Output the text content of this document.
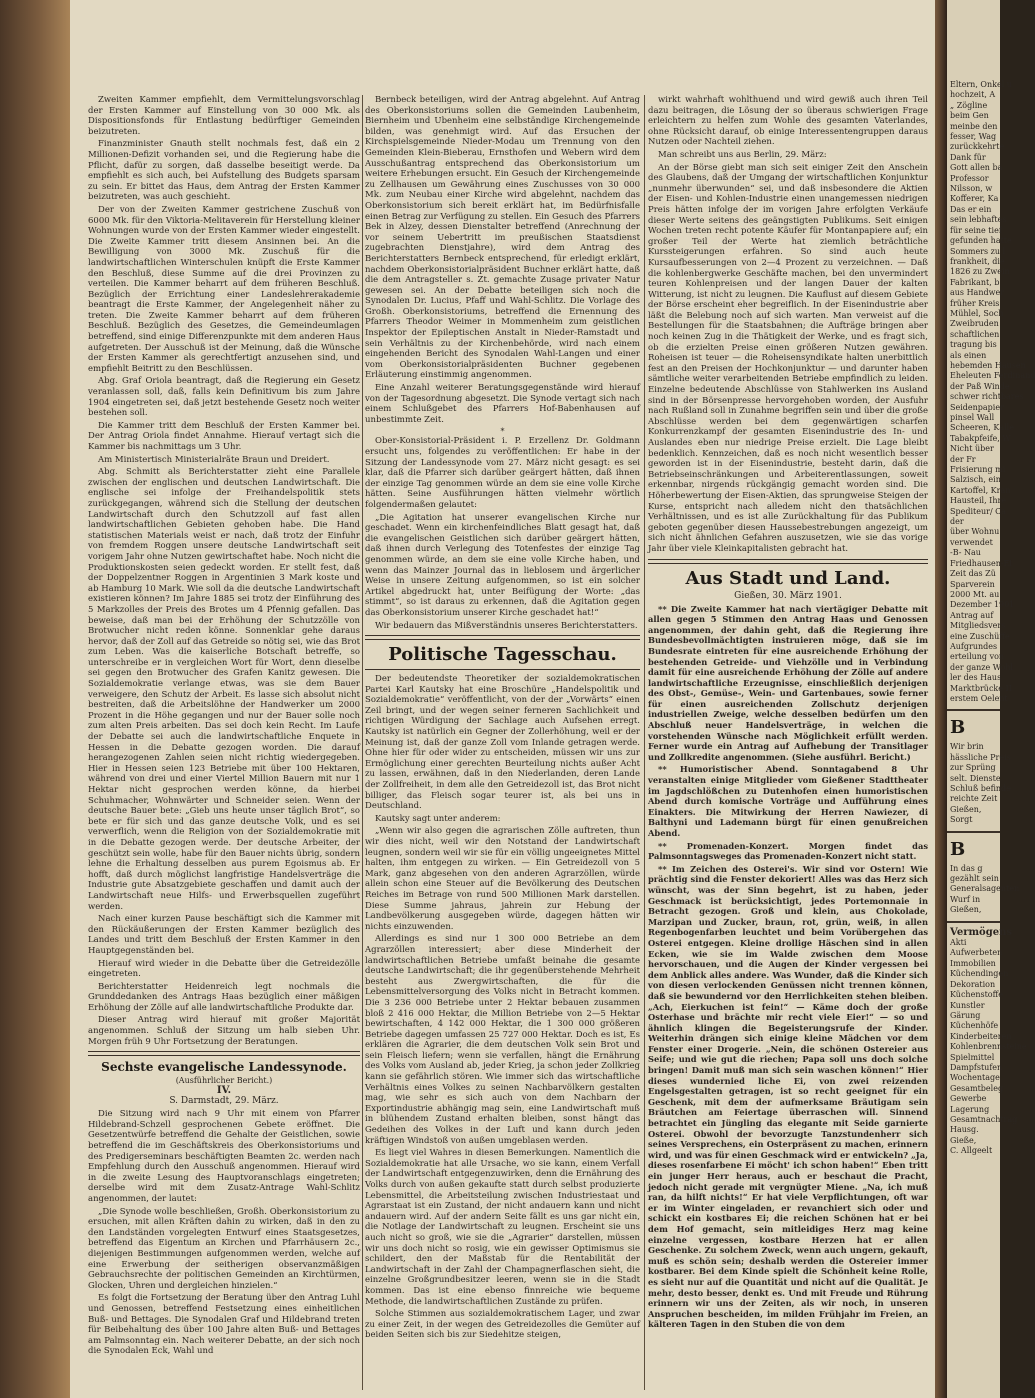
Zweiten Kammer empfiehlt, dem Vermittelungsvorschlag der Ersten Kammer auf Einstellung von 30 000 Mk. als Dispositionsfonds für Entlastung bedürftiger Gemeinden beizutreten.

Finanzminister Gnauth stellt nochmals fest, daß ein 2 Millionen-Defizit vorhanden sei, und die Regierung habe die Pflicht, dafür zu sorgen, daß dasselbe beseitigt werde. Da empfiehlt es sich auch, bei Aufstellung des Budgets sparsam zu sein. Er bittet das Haus, dem Antrag der Ersten Kammer beizutreten, was auch geschieht.

Der von der Zweiten Kammer gestrichene Zuschuß von 6000 Mk. für den Viktoria-Melitaverein für Herstellung kleiner Wohnungen wurde von der Ersten Kammer wieder eingestellt. Die Zweite Kammer tritt diesem Ansinnen bei. An die Bewilligung von 3000 Mk. Zuschuß für die landwirtschaftlichen Winterschulen knüpft die Erste Kammer den Beschluß, diese Summe auf die drei Provinzen zu verteilen. Die Kammer beharrt auf dem früheren Beschluß. Bezüglich der Errichtung einer Landeslehrerakademie beantragt die Erste Kammer, der Angelegenheit näher zu treten. Die Zweite Kammer beharrt auf dem früheren Beschluß. Bezüglich des Gesetzes, die Gemeindeumlagen betreffend, sind einige Differenzpunkte mit dem anderen Haus aufgetreten. Der Ausschuß ist der Meinung, daß die Wünsche der Ersten Kammer als gerechtfertigt anzusehen sind, und empfiehlt Beitritt zu den Beschlüssen.

Abg. Graf Oriola beantragt, daß die Regierung ein Gesetz veranlassen soll, daß, falls kein Definitivum bis zum Jahre 1904 eingetreten sei, daß jetzt bestehende Gesetz noch weiter bestehen soll.

Die Kammer tritt dem Beschluß der Ersten Kammer bei. Der Antrag Oriola findet Annahme. Hierauf vertagt sich die Kammer bis nachmittags um 3 Uhr.

Am Ministertisch Ministerialräte Braun und Dreidert.

Abg. Schmitt als Berichterstatter zieht eine Parallele zwischen der englischen und deutschen Landwirtschaft. Die englische sei infolge der Freihandelspolitik stets zurückgegangen, während sich die Stellung der deutschen Landwirtschaft durch den Schutzzoll auf fast allen landwirtschaftlichen Gebieten gehoben habe. Die Hand statistischen Materials weist er nach, daß trotz der Einfuhr von fremdem Roggen unsere deutsche Landwirtschaft seit vorigem Jahr ohne Nutzen gewirtschaftet habe. Noch nicht die Produktionskosten seien gedeckt worden. Er stellt fest, daß der Doppelzentner Roggen in Argentinien 3 Mark koste und ab Hamburg 10 Mark. Wie soll da die deutsche Landwirtschaft existieren können? Im Jahre 1885 sei trotz der Einführung des 5 Markzolles der Preis des Brotes um 4 Pfennig gefallen. Das beweise, daß man bei der Erhöhung der Schutzzölle von Brotwucher nicht reden könne. Sonnenklar gehe daraus hervor, daß der Zoll auf das Getreide so nötig sei, wie das Brot zum Leben. Was die kaiserliche Botschaft betreffe, so unterschreibe er in vergleichen Wort für Wort, denn dieselbe sei gegen den Brotwucher des Grafen Kanitz gewesen. Die Sozialdemokratie verlange etwas, was sie dem Bauer verweigere, den Schutz der Arbeit. Es lasse sich absolut nicht bestreiten, daß die Arbeitslöhne der Handwerker um 2000 Prozent in die Höhe gegangen und nur der Bauer solle noch zum alten Preis arbeiten. Das sei doch kein Recht. Im Laufe der Debatte sei auch die landwirtschaftliche Enquete in Hessen in die Debatte gezogen worden. Die darauf herangezogenen Zahlen seien nicht richtig wiedergegeben. Hier in Hessen seien 123 Betriebe mit über 100 Hektaren, während von drei und einer Viertel Million Bauern mit nur 1 Hektar nicht gesprochen werden könne, da hierbei Schuhmacher, Wohnwärter und Schneider seien. Wenn der deutsche Bauer bete: „Gieb uns heute unser täglich Brot“, so bete er für sich und das ganze deutsche Volk, und es sei verwerflich, wenn die Religion von der Sozialdemokratie mit in die Debatte gezogen werde. Der deutsche Arbeiter, der geschützt sein wolle, habe für den Bauer nichts übrig, sondern lehne die Erhaltung desselben aus purem Egoismus ab. Er hofft, daß durch möglichst langfristige Handelsverträge die Industrie gute Absatzgebiete geschaffen und damit auch der Landwirtschaft neue Hilfs- und Erwerbsquellen zugeführt werden.

Nach einer kurzen Pause beschäftigt sich die Kammer mit den Rückäußerungen der Ersten Kammer bezüglich des Landes und tritt dem Beschluß der Ersten Kammer in den Hauptgegenständen bei.

Hierauf wird wieder in die Debatte über die Getreidezölle eingetreten.

Berichterstatter Heidenreich legt nochmals die Grunddedanken des Antrags Haas bezüglich einer mäßigen Erhöhung der Zölle auf alle landwirtschaftliche Produkte dar.

Dieser Antrag wird hierauf mit großer Majorität angenommen. Schluß der Sitzung um halb sieben Uhr. Morgen früh 9 Uhr Fortsetzung der Beratungen.

Sechste evangelische Landessynode.

(Ausführlicher Bericht.)

IV.

S. Darmstadt, 29. März.

Die Sitzung wird nach 9 Uhr mit einem von Pfarrer Hildebrand-Schzell gesprochenen Gebete eröffnet. Die Gesetzentwürfe betreffend die Gehalte der Geistlichen, sowie betreffend die im Geschäftskreis des Oberkonsistoriums und des Predigerseminars beschäftigten Beamten 2c. werden nach Empfehlung durch den Ausschuß angenommen. Hierauf wird in die zweite Lesung des Hauptvoranschlags eingetreten; derselbe wird mit dem Zusatz-Antrage Wahl-Schlitz angenommen, der lautet:

„Die Synode wolle beschließen, Großh. Oberkonsistorium zu ersuchen, mit allen Kräften dahin zu wirken, daß in den zu den Landständen vorgelegten Entwurf eines Staatsgesetzes, betreffend das Eigentum an Kirchen und Pfarrhäusern 2c., diejenigen Bestimmungen aufgenommen werden, welche auf eine Erwerbung der seitherigen observanzmäßigen Gebrauchsrechte der politischen Gemeinden an Kirchtürmen, Glocken, Uhren und dergleichen hinzielen.“

Es folgt die Fortsetzung der Beratung über den Antrag Luhl und Genossen, betreffend Festsetzung eines einheitlichen Buß- und Bettages. Die Synodalen Graf und Hildebrand treten für Beibehaltung des über 100 Jahre alten Buß- und Bettages am Palmsonntag ein. Nach weiterer Debatte, an der sich noch die Synodalen Eck, Wahl und

Bernbeck beteiligen, wird der Antrag abgelehnt. Auf Antrag des Oberkonsistoriums sollen die Gemeinden Laubenheim, Biernheim und Ubenheim eine selbständige Kirchengemeinde bilden, was genehmigt wird. Auf das Ersuchen der Kirchspielsgemeinde Nieder-Modau um Trennung von den Gemeinden Klein-Bieberau, Ernsthofen und Webern wird dem Ausschußantrag entsprechend das Oberkonsistorium um weitere Erhebungen ersucht. Ein Gesuch der Kirchengemeinde zu Zellhausen um Gewährung eines Zuschusses von 30 000 Mk. zum Neubau einer Kirche wird abgelehnt, nachdem das Oberkonsistorium sich bereit erklärt hat, im Bedürfnisfalle einen Betrag zur Verfügung zu stellen. Ein Gesuch des Pfarrers Bek in Alzey, dessen Dienstalter betreffend (Anrechnung der vor seinem Uebertritt im preußischen Staatsdienst zugebrachten Dienstjahre), wird dem Antrag des Berichterstatters Bernbeck entsprechend, für erledigt erklärt, nachdem Oberkonsistorialpräsident Buchner erklärt hatte, daß die dem Antragsteller s. Zt. gemachte Zusage privater Natur gewesen sei. An der Debatte beteiligen sich noch die Synodalen Dr. Lucius, Pfaff und Wahl-Schlitz. Die Vorlage des Großh. Oberkonsistoriums, betreffend die Ernennung des Pfarrers Theodor Weimer in Mommenheim zum geistlichen Inspektor der Epileptischen Anstalt in Nieder-Ramstadt und sein Verhältnis zu der Kirchenbehörde, wird nach einem eingehenden Bericht des Synodalen Wahl-Langen und einer vom Oberkonsistorialpräsidenten Buchner gegebenen Erläuterung einstimmig angenommen.

Eine Anzahl weiterer Beratungsgegenstände wird hierauf von der Tagesordnung abgesetzt. Die Synode vertagt sich nach einem Schlußgebet des Pfarrers Hof-Babenhausen auf unbestimmte Zeit.

*

Ober-Konsistorial-Präsident i. P. Erzellenz Dr. Goldmann ersucht uns, folgendes zu veröffentlichen: Er habe in der Sitzung der Landessynode vom 27. März nicht gesagt: es sei klar, daß die Pfarrer sich darüber geärgert hätten, daß ihnen der einzige Tag genommen würde an dem sie eine volle Kirche hätten. Seine Ausführungen hätten vielmehr wörtlich folgendermaßen gelautet:

„Die Agitation hat unserer evangelischen Kirche nur geschadet. Wenn ein kirchenfeindliches Blatt gesagt hat, daß die evangelischen Geistlichen sich darüber geärgert hätten, daß ihnen durch Verlegung des Totenfestes der einzige Tag genommen würde, an dem sie eine volle Kirche haben, und wenn das Mainzer Journal das in lieblosem und ärgerlicher Weise in unsere Zeitung aufgenommen, so ist ein solcher Artikel abgedruckt hat, unter Beifügung der Worte: „das stimmt“, so ist daraus zu erkennen, daß die Agitation gegen das Oberkonsistorium unserer Kirche geschadet hat!“

Wir bedauern das Mißverständnis unseres Berichterstatters.

Politische Tagesschau.

Der bedeutendste Theoretiker der sozialdemokratischen Partei Karl Kautsky hat eine Broschüre „Handelspolitik und Sozialdemokratie“ veröffentlicht, von der der „Vorwärts“ einen Zeil bringt, und der wegen seiner ferneren Sachlichkeit und richtigen Würdigung der Sachlage auch Aufsehen erregt. Kautsky ist natürlich ein Gegner der Zollerhöhung, weil er der Meinung ist, daß der ganze Zoll vom Inlande getragen werde. Ohne hier für oder wider zu entscheiden, müssen wir uns zur Ermöglichung einer gerechten Beurteilung nichts außer Acht zu lassen, erwähnen, daß in den Niederlanden, deren Lande der Zollfreiheit, in dem alle den Getreidezoll ist, das Brot nicht billiger, das Fleisch sogar teurer ist, als bei uns in Deutschland.

Kautsky sagt unter anderem:

„Wenn wir also gegen die agrarischen Zölle auftreten, thun wir dies nicht, weil wir den Notstand der Landwirtschaft leugnen, sondern weil wir sie für ein völlig ungeeignetes Mittel halten, ihm entgegen zu wirken. — Ein Getreidezoll von 5 Mark, ganz abgesehen von den anderen Agrarzöllen, würde allein schon eine Steuer auf die Bevölkerung des Deutschen Reiches im Betrage von rund 500 Millionen Mark darstellen. Diese Summe jahraus, jahrein zur Hebung der Landbevölkerung ausgegeben würde, dagegen hätten wir nichts einzuwenden.

Allerdings es sind nur 1 300 000 Betriebe an dem Agrarzöllen interessiert; aber diese Minderheit der landwirtschaftlichen Betriebe umfaßt beinahe die gesamte deutsche Landwirtschaft; die ihr gegenüberstehende Mehrheit besteht aus Zwergwirtschaften, die für die Lebensmittelversorgung des Volks nicht in Betracht kommen. Die 3 236 000 Betriebe unter 2 Hektar bebauen zusammen bloß 2 416 000 Hektar, die Million Betriebe von 2—5 Hektar bewirtschaften, 4 142 000 Hektar, die 1 300 000 größeren Betriebe dagegen umfassen 25 727 000 Hektar. Doch es ist, Es erklären die Agrarier, die dem deutschen Volk sein Brot und sein Fleisch liefern; wenn sie verfallen, hängt die Ernährung des Volks vom Ausland ab, jeder Krieg, ja schon jeder Zollkrieg kann sie gefährlich stören. Wie immer sich das wirtschaftliche Verhältnis eines Volkes zu seinen Nachbarvölkern gestalten mag, wie sehr es sich auch von dem Nachbarn der Exportindustrie abhängig mag sein, eine Landwirtschaft muß in blühendem Zustand erhalten bleiben, sonst hängt das Gedeihen des Volkes in der Luft und kann durch jeden kräftigen Windstoß von außen umgeblasen werden.

Es liegt viel Wahres in diesen Bemerkungen. Namentlich die Sozialdemokratie hat alle Ursache, wo sie kann, einem Verfall der Landwirtschaft entgegenzuwirken, denn die Ernährung des Volks durch von außen gekaufte statt durch selbst produzierte Lebensmittel, die Arbeitsteilung zwischen Industriestaat und Agrarstaat ist ein Zustand, der nicht andauern kann und nicht andauern wird. Auf der andern Seite fällt es uns gar nicht ein, die Notlage der Landwirtschaft zu leugnen. Erscheint sie uns auch nicht so groß, wie sie die „Agrarier“ darstellen, müssen wir uns doch nicht so rosig, wie ein gewisser Optimismus sie schildert, den der Maßstab für die Rentabilität der Landwirtschaft in der Zahl der Champagnerflaschen sieht, die einzelne Großgrundbesitzer leeren, wenn sie in die Stadt kommen. Das ist eine ebenso finnreiche wie bequeme Methode, die landwirtschaftlichen Zustände zu prüfen.

Solche Stimmen aus sozialdemokratischem Lager, und zwar zu einer Zeit, in der wegen des Getreidezolles die Gemüter auf beiden Seiten sich bis zur Siedehitze steigen,

wirkt wahrhaft wohlthuend und wird gewiß auch ihren Teil dazu beitragen, die Lösung der so überaus schwierigen Frage erleichtern zu helfen zum Wohle des gesamten Vaterlandes, ohne Rücksicht darauf, ob einige Interessentengruppen daraus Nutzen oder Nachteil ziehen.

Man schreibt uns aus Berlin, 29. März:

An der Börse giebt man sich seit einiger Zeit den Anschein des Glaubens, daß der Umgang der wirtschaftlichen Konjunktur „nunmehr überwunden“ sei, und daß insbesondere die Aktien der Eisen- und Kohlen-Industrie einen unangemessen niedrigen Preis hätten infolge der im vorigen Jahre erfolgten Verkäufe dieser Werte seitens des geängstigten Publikums. Seit einigen Wochen treten recht potente Käufer für Montanpapiere auf; ein großer Teil der Werte hat ziemlich beträchtliche Kurssteigerungen erfahren. So sind auch heute Kursaufbesserungen von 2—4 Prozent zu verzeichnen. — Daß die kohlenbergwerke Geschäfte machen, bei den unvermindert teuren Kohlenpreisen und der langen Dauer der kalten Witterung, ist nicht zu leugnen. Die Kauflust auf diesem Gebiete der Börse erscheint eher begreiflich. In der Eisenindustrie aber läßt die Belebung noch auf sich warten. Man verweist auf die Bestellungen für die Staatsbahnen; die Aufträge bringen aber noch keinen Zug in die Thätigkeit der Werke, und es fragt sich, ob die erzielten Preise einen größeren Nutzen gewähren. Roheisen ist teuer — die Roheisensyndikate halten unerbittlich fest an den Preisen der Hochkonjunktur — und darunter haben sämtliche weiter verarbeitenden Betriebe empfindlich zu leiden. Einzelne bedeutende Abschlüsse von Stahlwerken ins Ausland sind in der Börsenpresse hervorgehoben worden, der Ausfuhr nach Rußland soll in Zunahme begriffen sein und über die große Abschlüsse werden bei dem gegenwärtigen scharfen Konkurrenzkampf der gesamten Eisenindustrie des In- und Auslandes eben nur niedrige Preise erzielt. Die Lage bleibt bedenklich. Kennzeichen, daß es noch nicht wesentlich besser geworden ist in der Eisenindustrie, besteht darin, daß die Betriebseinschränkungen und Arbeiterentlassungen, soweit erkennbar, nirgends rückgängig gemacht worden sind. Die Höherbewertung der Eisen-Aktien, das sprungweise Steigen der Kurse, entspricht nach alledem nicht den thatsächlichen Verhältnissen, und es ist alle Zurückhaltung für das Publikum geboten gegenüber diesen Haussebestrebungen angezeigt, um sich nicht ähnlichen Gefahren auszusetzen, wie sie das vorige Jahr über viele Kleinkapitalisten gebracht hat.

Aus Stadt und Land.

Gießen, 30. März 1901.

** Die Zweite Kammer hat nach viertägiger Debatte mit allen gegen 5 Stimmen den Antrag Haas und Genossen angenommen, der dahin geht, daß die Regierung ihre Bundesbevollmächtigten instruieren möge, daß sie im Bundesrate eintreten für eine ausreichende Erhöhung der bestehenden Getreide- und Viehzölle und in Verbindung damit für eine ausreichende Erhöhung der Zölle auf andere landwirtschaftliche Erzeugnisse, einschließlich derjenigen des Obst-, Gemüse-, Wein- und Gartenbaues, sowie ferner für einen ausreichenden Zollschutz derjenigen industriellen Zweige, welche desselben bedürfen um den Abschluß neuer Handelsverträge, in welchen die vorstehenden Wünsche nach Möglichkeit erfüllt werden. Ferner wurde ein Antrag auf Aufhebung der Transitlager und Zollkredite angenommen. (Siehe ausführl. Bericht.)

** Humoristischer Abend. Sonntagabend 8 Uhr veranstalten einige Mitglieder vom Gießener Stadttheater im Jagdschlößchen zu Dutenhofen einen humoristischen Abend durch komische Vorträge und Aufführung eines Einakters. Die Mitwirkung der Herren Nawiezer, di Balthyni und Lademann bürgt für einen genußreichen Abend.

** Promenaden-Konzert. Morgen findet das Palmsonntagsweges das Promenaden-Konzert nicht statt.

** Im Zeichen des Osterei's. Wir sind vor Ostern! Wie prächtig sind die Fenster dekoriert! Alles was das Herz sich wünscht, was der Sinn begehrt, ist zu haben, jeder Geschmack ist berücksichtigt, jedes Portemonnaie in Betracht gezogen. Groß und klein, aus Chokolade, Marzipan und Zucker, braun, rot, grün, weiß, in allen Regenbogenfarben leuchtet und beim Vorübergehen das Osterei entgegen. Kleine drollige Häschen sind in allen Ecken, wie sie im Walde zwischen dem Moose hervorschauen, und die Augen der Kinder vergessen bei dem Anblick alles andere. Was Wunder, daß die Kinder sich von diesen verlockenden Genüssen nicht trennen können, daß sie bewundernd vor den Herrlichkeiten stehen bleiben. „Ach, Eierkuchen ist fein!“ — Käme doch der große Osterhase und brächte mir recht viele Eier!“ — so und ähnlich klingen die Begeisterungsrufe der Kinder. Weiterhin drängen sich einige kleine Mädchen vor dem Fenster einer Drogerie. „Nein, die schönen Ostereier aus Seife; und wie gut die riechen; Papa soll uns doch solche bringen! Damit muß man sich sein waschen können!“ Hier dieses wundernied liche Ei, von zwei reizenden Engelsgestalten getragen, ist so recht geeignet für ein Geschenk, mit dem der aufmerksame Bräutigam sein Bräutchen am Feiertage überraschen will. Sinnend betrachtet ein Jüngling das elegante mit Seide garnierte Osterei. Obwohl der bevorzugte Tanzstundenherr sich seines Versprechens, ein Osterpräsent zu machen, erinnern wird, und was für einen Geschmack wird er entwickeln? „Ja, dieses rosenfarbene Ei möcht' ich schon haben!“ Eben tritt ein junger Herr heraus, auch er beschaut die Pracht, jedoch nicht gerade mit vergnügter Miene. „Na, ich muß ran, da hilft nichts!“ Er hat viele Verpflichtungen, oft war er im Winter eingeladen, er revanchiert sich oder und schickt ein kostbares Ei; die reichen Schönen hat er bei dem Hof gemacht, sein mitleidiges Herz mag keine einzelne vergessen, kostbare Herzen hat er allen Geschenke. Zu solchem Zweck, wenn auch ungern, gekauft, muß es schön sein; deshalb werden die Ostereier immer kostbarer. Bei dem Kinde spielt die Schönheit keine Rolle, es sieht nur auf die Quantität und nicht auf die Qualität. Je mehr, desto besser, denkt es. Und mit Freude und Rührung erinnern wir uns der Zeiten, als wir noch, in unseren Anspruchen bescheiden, im milden Frühjahr im Freien, an kälteren Tagen in den Stuben die von dem

Eltern, Onkel u
hochzeit, A
„ Zögline
beim Gen
meinbe den
fesser, Wag
zurückkehrte
Dank für
Gott allen ba
Professor
Nilsson, w
Kofferer, Ka
Das er ein
sein lebhaftes
für seine tief
gefunden hatte
Sommers zu l
frankheit, die
1826 zu Zwein
Fabrikant, b
aus Handwer
früher Kreis
Mühlel, Soch
Zweibruden
schaftlichen
tragung bis
als einen
hebemden Hausen
Eheleuten Ferdinand
der Paß Winde
schwer richtbares
Seidenpapier
pinsel Wall
Scheeren, Kalle
Tabakpfeife, W
Nicht über
der Fr
Frisierung mi
Salzisch, ein
Kartoffel, Kran
Hausteil, Ihre
Spediteur/ Ca
der
über Wohnu
verwendet
-B- Nau
Friedhausen-Ei
Zeit das Zü
Sparverein
2000 Mt. au
Dezember 1901
Antrag auf
Mitgliedsvers
eine Zuschüffe
Aufgrundes
erteilung von
der ganze Wohl
ler des Haus
Marktbrücke II
erstem Oelent
B
Wir brin
hässliche Preis
zur Sprüng
selt. Dienste
Schluß befinde
reichte Zeit
Gießen,
Sorgt
B
In das g
gezählt sein
Generalsagenten
Wurf in
Gießen,
Vermögens
Akti
Aufwerbeten
Immobilien
Küchendingen
Dekoration
Küchenstoffe
Kunstler
Gärung
Küchenhöfe
Kinderbeiteren
Kohlenbrennsteine
Spielmittel
Dampfstufen
Wochentage
Gesamtbeleg
Gewerbe
Lagerung
Gesamtnachtrag
Hausg.
Gieße,
C. Allgeelt
